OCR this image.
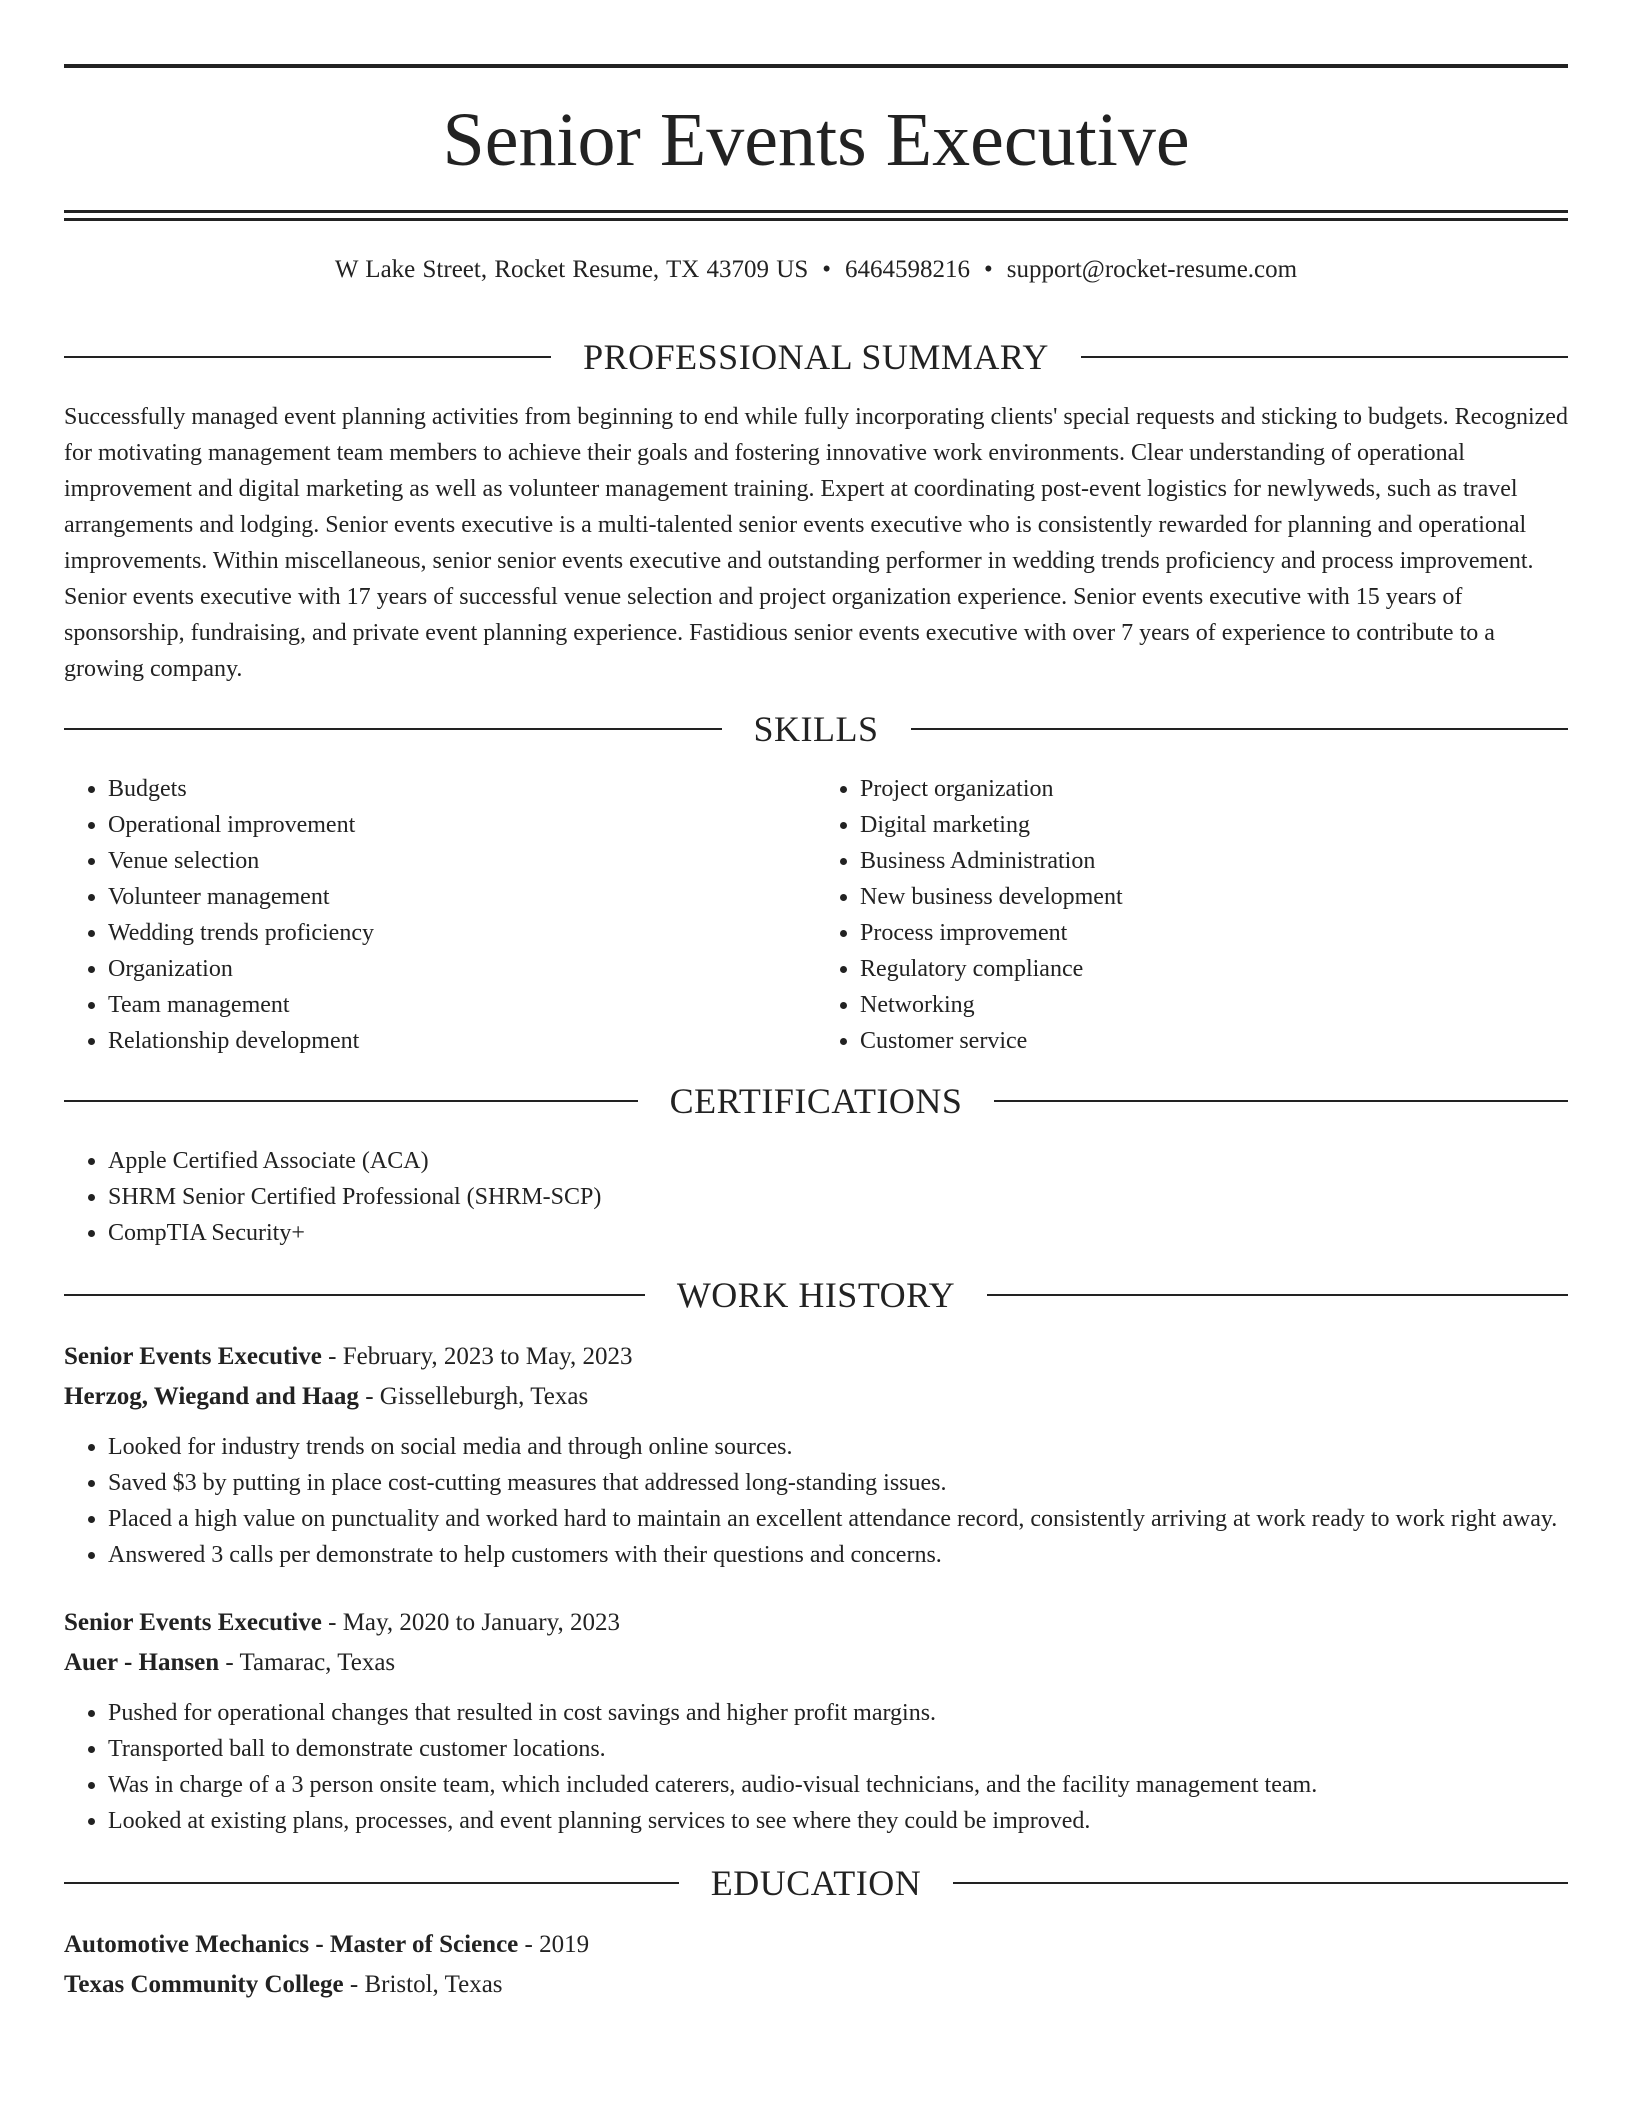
Senior Events Executive
W Lake Street, Rocket Resume, TX 43709 US • 6464598216 • support@rocket-resume.com
PROFESSIONAL SUMMARY

Successfully managed event planning activities from beginning to end while fully incorporating clients' special requests and sticking to budgets. Recognized for motivating management team members to achieve their goals and fostering innovative work environments. Clear understanding of operational improvement and digital marketing as well as volunteer management training. Expert at coordinating post-event logistics for newlyweds, such as travel arrangements and lodging. Senior events executive is a multi-talented senior events executive who is consistently rewarded for planning and operational improvements. Within miscellaneous, senior senior events executive and outstanding performer in wedding trends proficiency and process improvement. Senior events executive with 17 years of successful venue selection and project organization experience. Senior events executive with 15 years of sponsorship, fundraising, and private event planning experience. Fastidious senior events executive with over 7 years of experience to contribute to a growing company.

SKILLS
• Budgets
• Operational improvement
• Venue selection
• Volunteer management
• Wedding trends proficiency
• Organization
• Team management
• Relationship development
• Project organization
• Digital marketing
• Business Administration
• New business development
• Process improvement
• Regulatory compliance
• Networking
• Customer service
CERTIFICATIONS
• Apple Certified Associate (ACA)
• SHRM Senior Certified Professional (SHRM-SCP)
• CompTIA Security+
WORK HISTORY
Senior Events Executive - February, 2023 to May, 2023
Herzog, Wiegand and Haag - Gisselleburgh, Texas
• Looked for industry trends on social media and through online sources.
• Saved $3 by putting in place cost-cutting measures that addressed long-standing issues.
• Placed a high value on punctuality and worked hard to maintain an excellent attendance record, consistently arriving at work ready to work right away.
• Answered 3 calls per demonstrate to help customers with their questions and concerns.
Senior Events Executive - May, 2020 to January, 2023
Auer - Hansen - Tamarac, Texas
• Pushed for operational changes that resulted in cost savings and higher profit margins.
• Transported ball to demonstrate customer locations.
• Was in charge of a 3 person onsite team, which included caterers, audio-visual technicians, and the facility management team.
• Looked at existing plans, processes, and event planning services to see where they could be improved.
EDUCATION
Automotive Mechanics - Master of Science - 2019
Texas Community College - Bristol, Texas
